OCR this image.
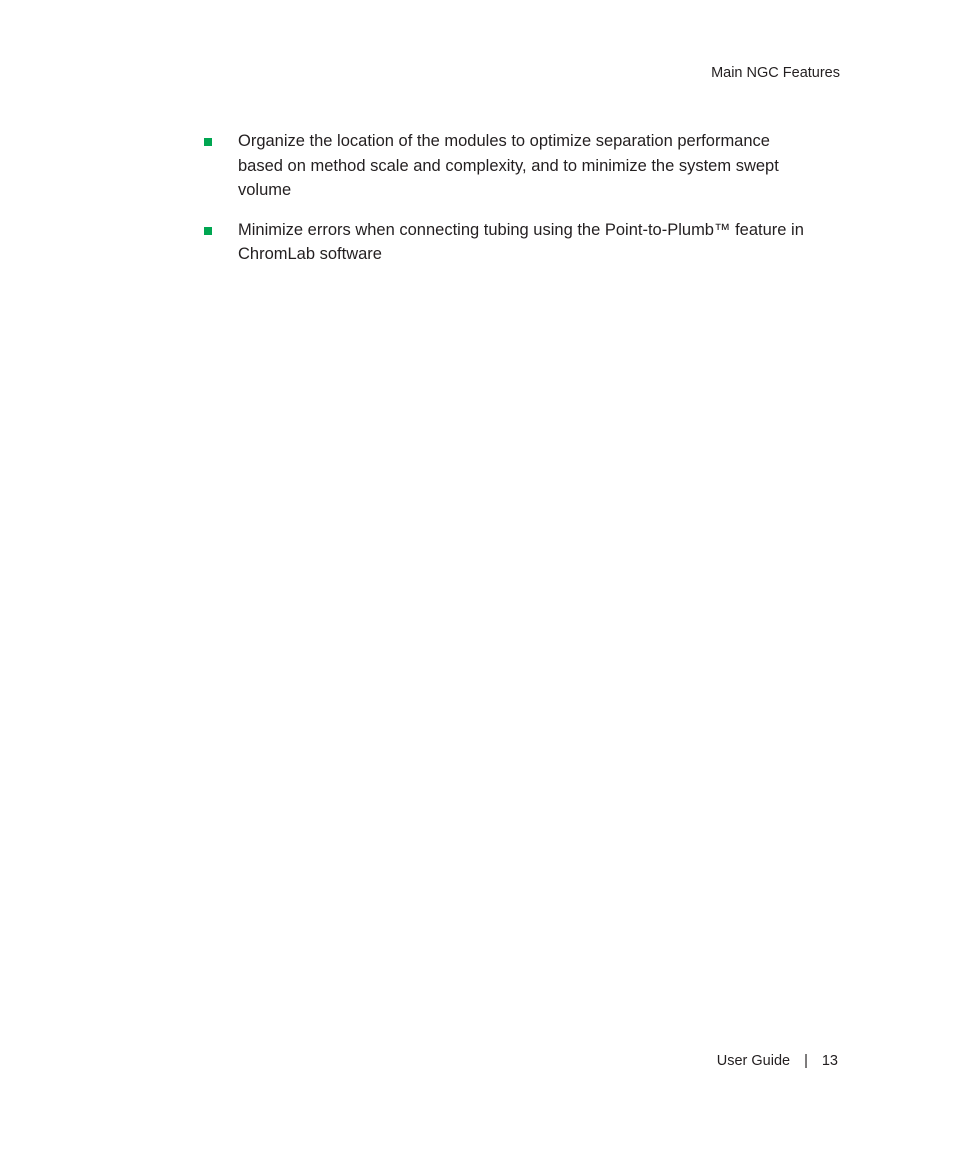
Main NGC Features
Organize the location of the modules to optimize separation performance based on method scale and complexity, and to minimize the system swept volume
Minimize errors when connecting tubing using the Point-to-Plumb™ feature in ChromLab software
User Guide | 13
